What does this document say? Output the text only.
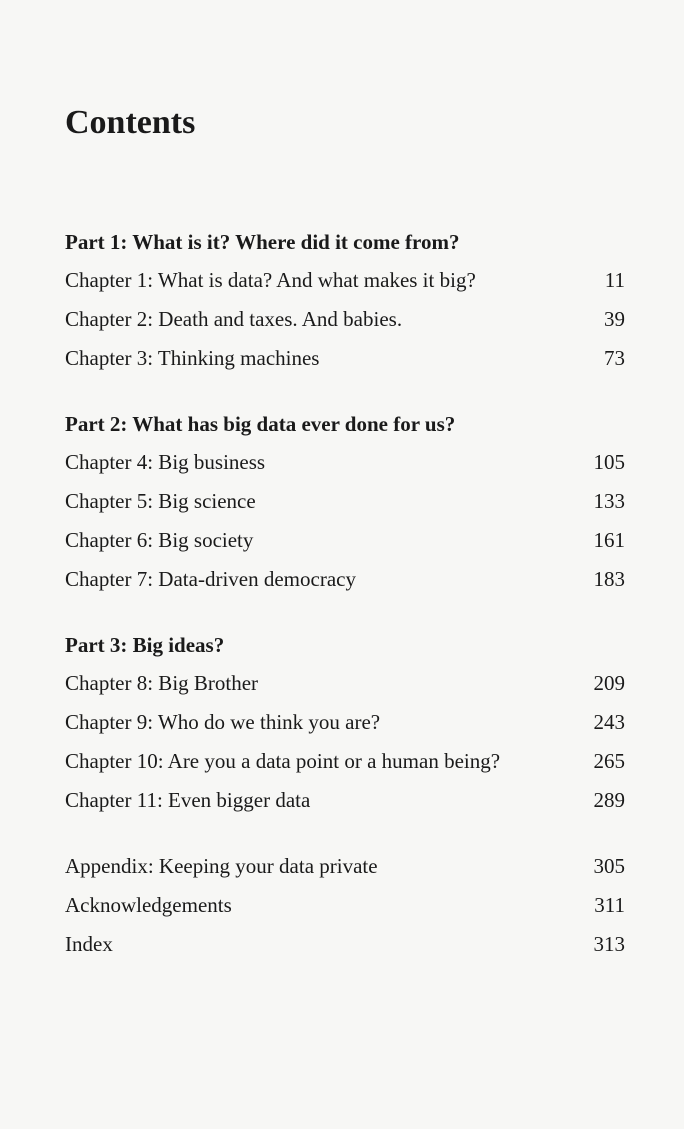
Contents
Part 1: What is it? Where did it come from?
Chapter 1: What is data? And what makes it big?	11
Chapter 2: Death and taxes. And babies.	39
Chapter 3: Thinking machines	73
Part 2: What has big data ever done for us?
Chapter 4: Big business	105
Chapter 5: Big science	133
Chapter 6: Big society	161
Chapter 7: Data-driven democracy	183
Part 3: Big ideas?
Chapter 8: Big Brother	209
Chapter 9: Who do we think you are?	243
Chapter 10: Are you a data point or a human being?	265
Chapter 11: Even bigger data	289
Appendix: Keeping your data private	305
Acknowledgements	311
Index	313
